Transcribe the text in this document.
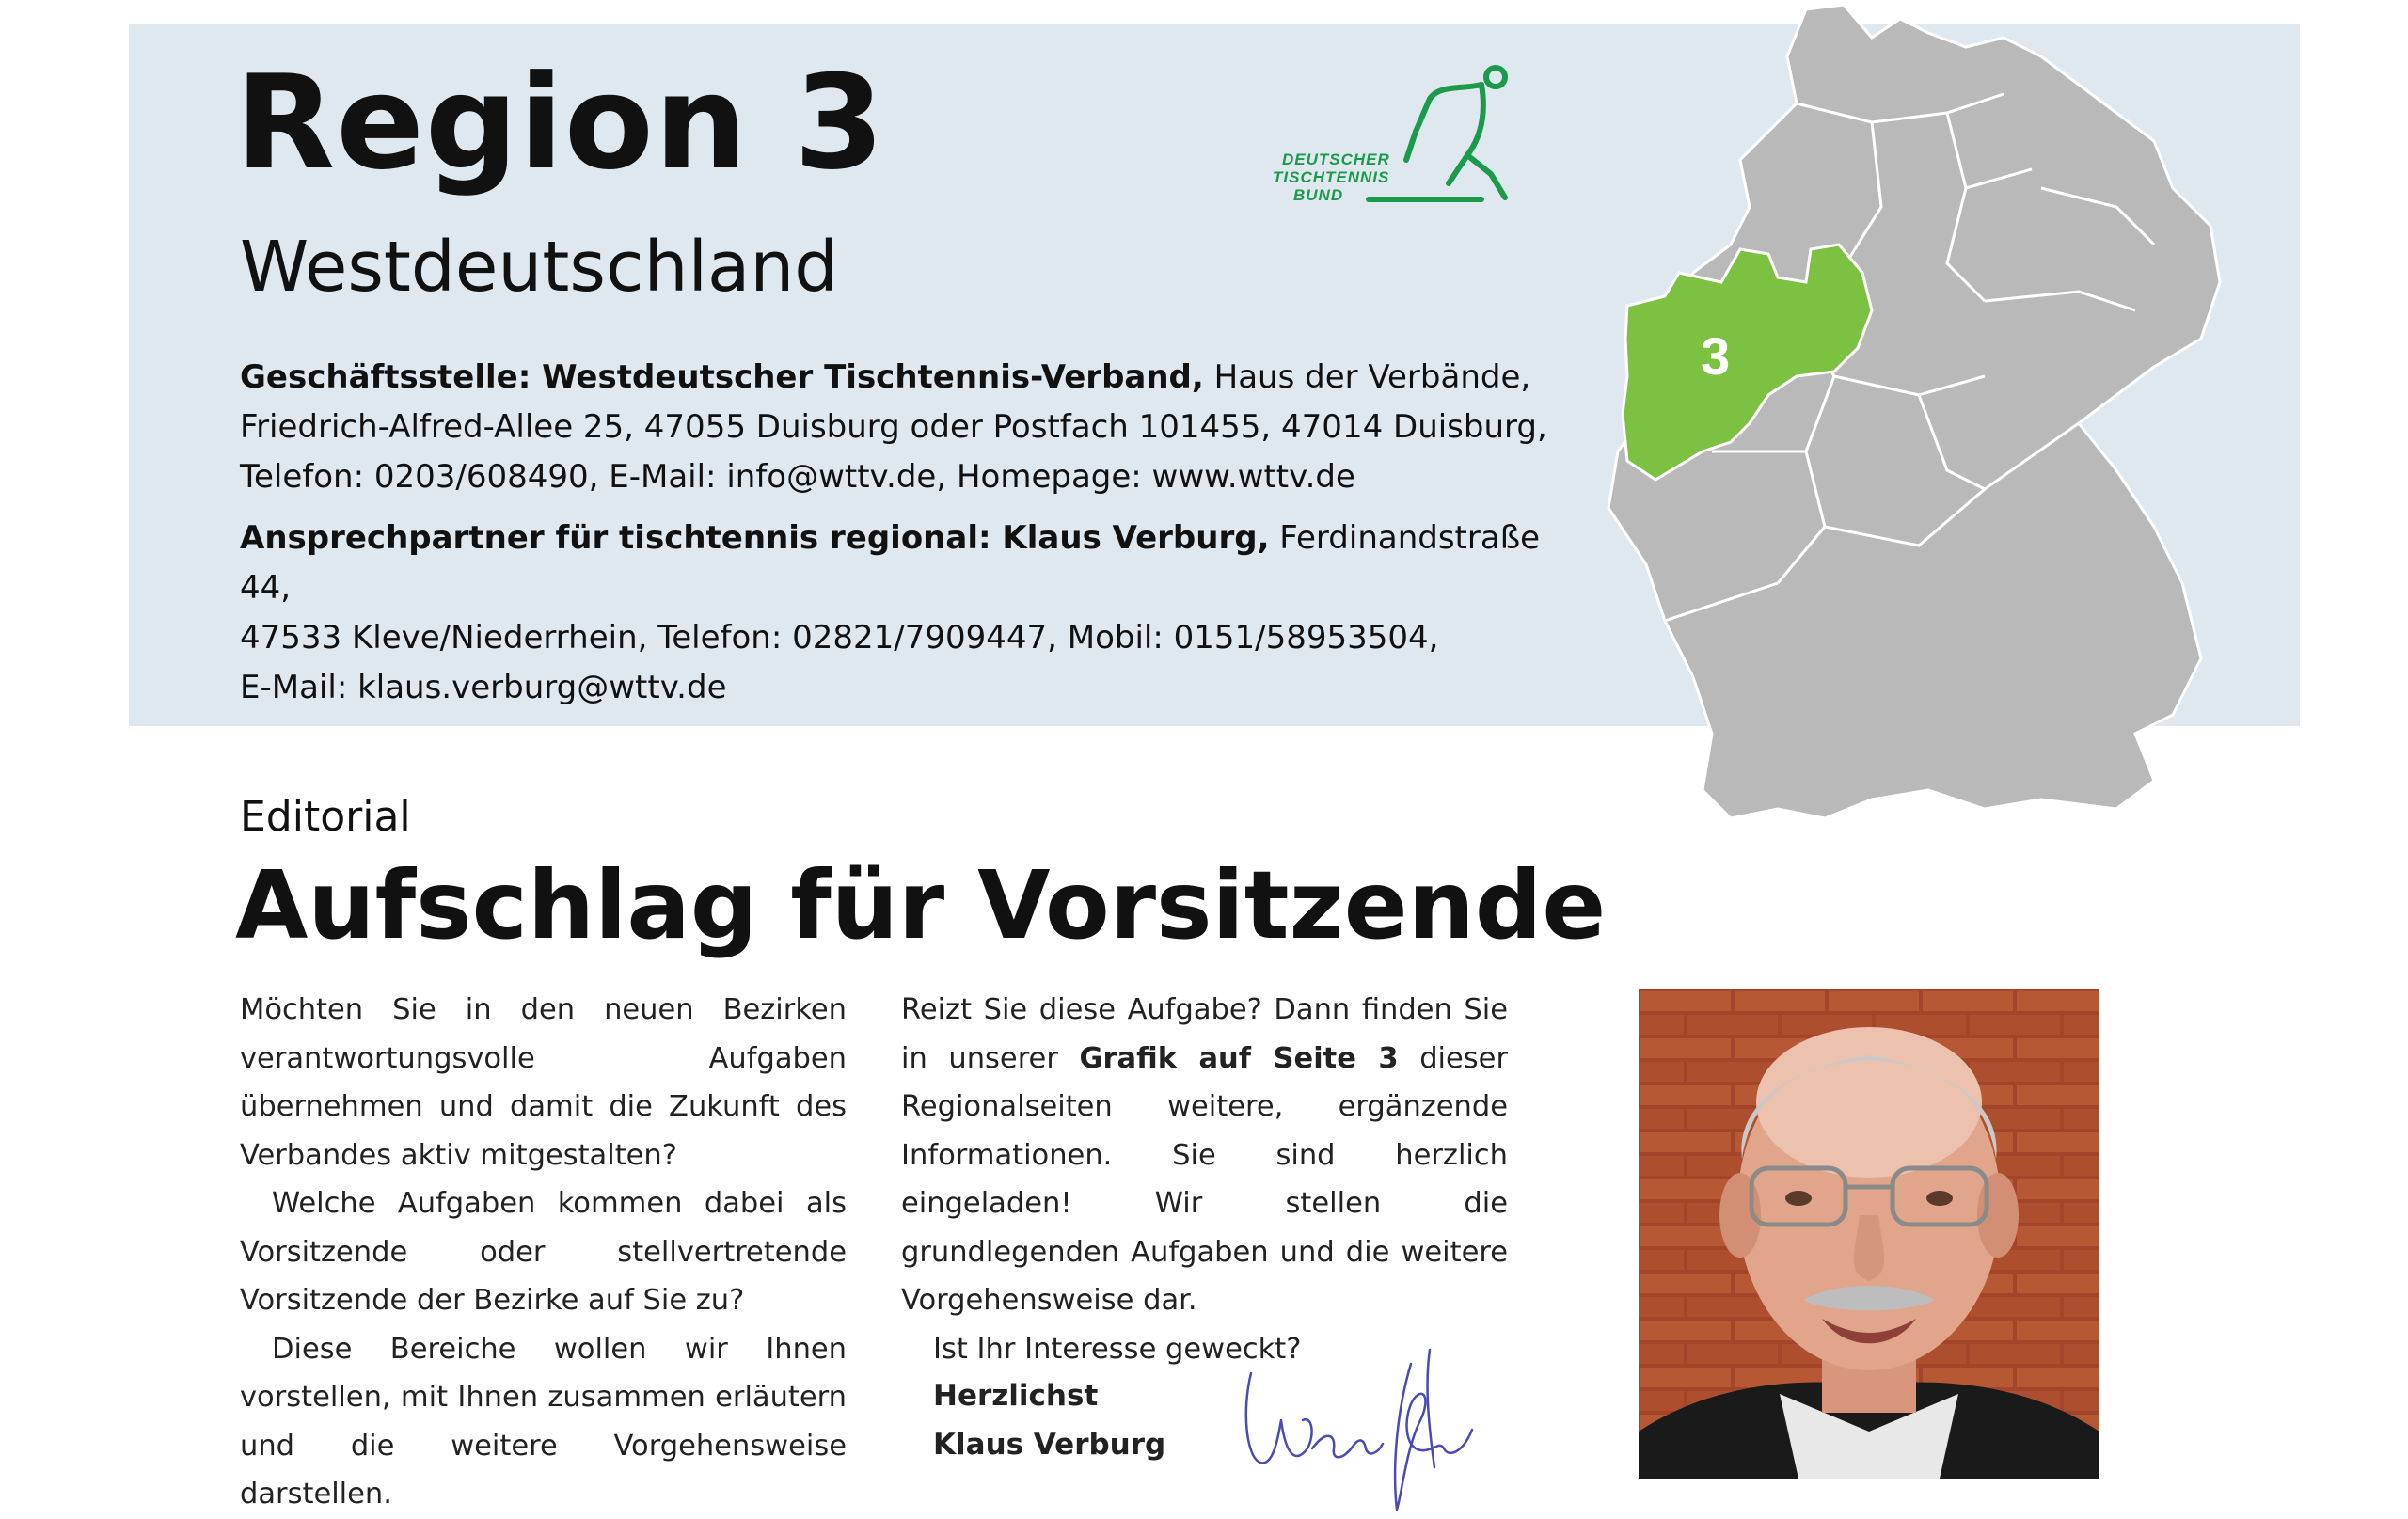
Region 3
Westdeutschland

Geschäftsstelle: Westdeutscher Tischtennis-Verband, Haus der Verbände,
Friedrich-Alfred-Allee 25, 47055 Duisburg oder Postfach 101455, 47014 Duisburg,
Telefon: 0203/608490, E-Mail: info@wttv.de, Homepage: www.wttv.de

Ansprechpartner für tischtennis regional: Klaus Verburg, Ferdinandstraße 44,
47533 Kleve/Niederrhein, Telefon: 02821/7909447, Mobil: 0151/58953504,
E-Mail: klaus.verburg@wttv.de

DEUTSCHER
TISCHTENNIS
BUND
3
Editorial
Aufschlag für Vorsitzende

Möchten Sie in den neuen Bezirken verantwortungsvolle Aufgaben übernehmen und damit die Zukunft des Verbandes aktiv mitgestalten?

Welche Aufgaben kommen dabei als Vorsitzende oder stellvertretende Vorsitzende der Bezirke auf Sie zu?

Diese Bereiche wollen wir Ihnen vorstellen, mit Ihnen zusammen erläutern und die weitere Vorgehensweise darstellen.

Reizt Sie diese Aufgabe? Dann finden Sie in unserer Grafik auf Seite 3 dieser Regionalseiten weitere, ergänzende Informationen. Sie sind herzlich eingeladen! Wir stellen die grundlegenden Aufgaben und die weitere Vorgehensweise dar.

Ist Ihr Interesse geweckt?

Herzlichst
Klaus Verburg
